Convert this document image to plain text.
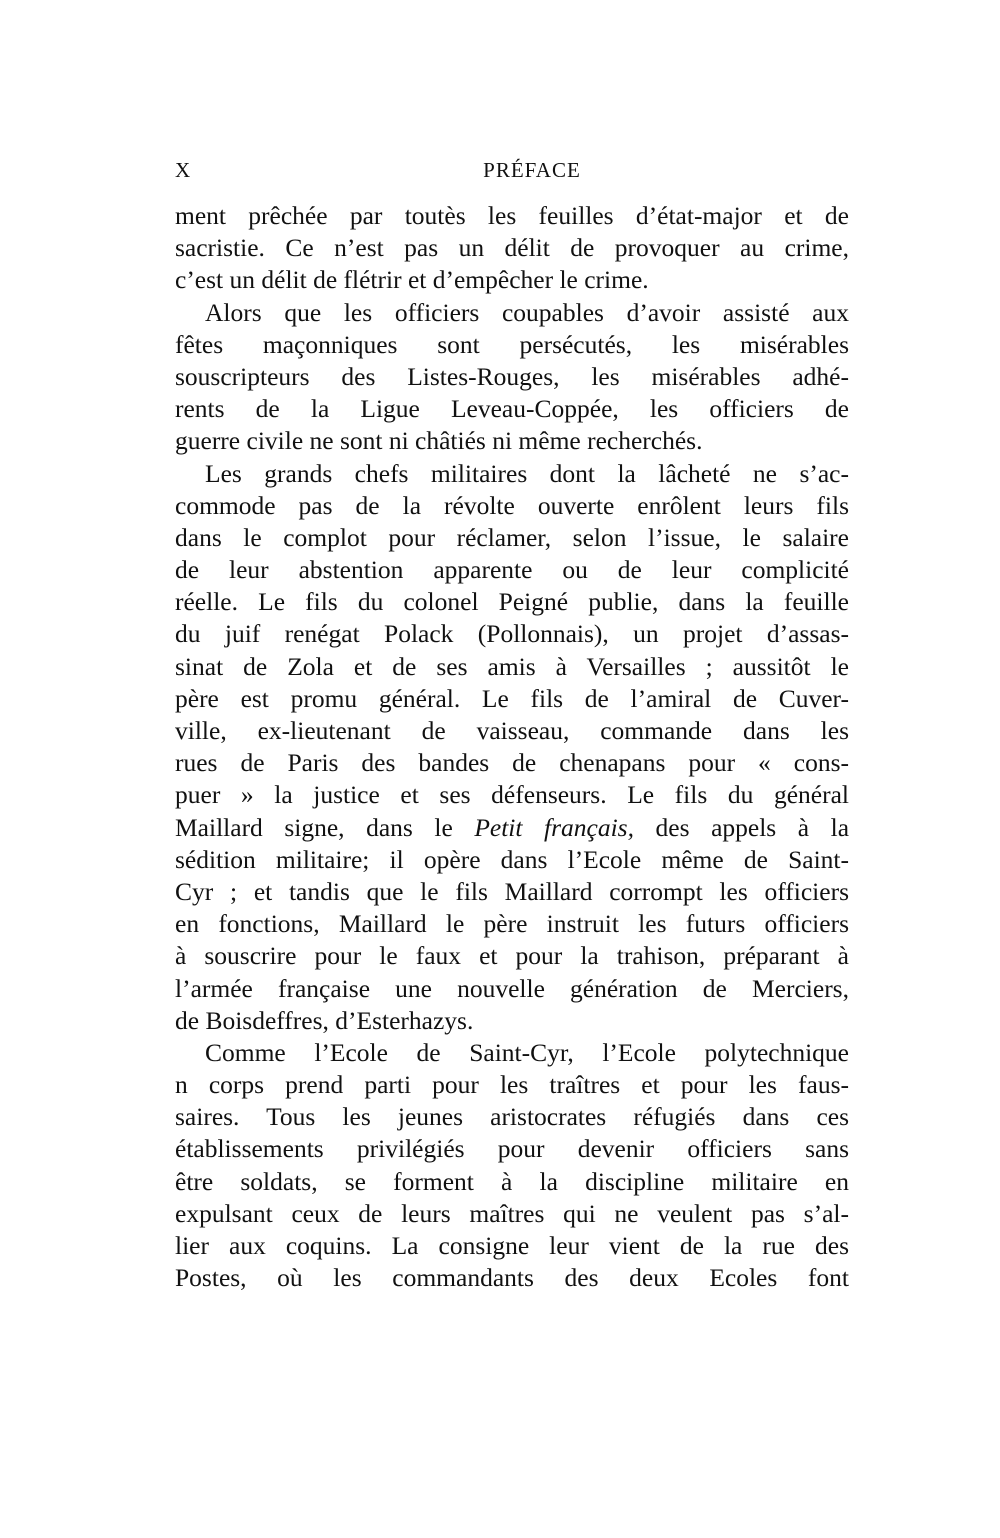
X	PRÉFACE
ment prêchée par toutès les feuilles d’état-major et de
sacristie. Ce n’est pas un délit de provoquer au crime,
c’est un délit de flétrir et d’empêcher le crime.
Alors que les officiers coupables d’avoir assisté aux
fêtes maçonniques sont persécutés, les misérables
souscripteurs des Listes-Rouges, les misérables adhé-
rents de la Ligue Leveau-Coppée, les officiers de
guerre civile ne sont ni châtiés ni même recherchés.
Les grands chefs militaires dont la lâcheté ne s’ac-
commode pas de la révolte ouverte enrôlent leurs fils
dans le complot pour réclamer, selon l’issue, le salaire
de leur abstention apparente ou de leur complicité
réelle. Le fils du colonel Peigné publie, dans la feuille
du juif renégat Polack (Pollonnais), un projet d’assas-
sinat de Zola et de ses amis à Versailles ; aussitôt le
père est promu général. Le fils de l’amiral de Cuver-
ville, ex-lieutenant de vaisseau, commande dans les
rues de Paris des bandes de chenapans pour « cons-
puer » la justice et ses défenseurs. Le fils du général
Maillard signe, dans le Petit français, des appels à la
sédition militaire; il opère dans l’Ecole même de Saint-
Cyr ; et tandis que le fils Maillard corrompt les officiers
en fonctions, Maillard le père instruit les futurs officiers
à souscrire pour le faux et pour la trahison, préparant à
l’armée française une nouvelle génération de Merciers,
de Boisdeffres, d’Esterhazys.
Comme l’Ecole de Saint-Cyr, l’Ecole polytechnique
n corps prend parti pour les traîtres et pour les faus-
saires. Tous les jeunes aristocrates réfugiés dans ces
établissements privilégiés pour devenir officiers sans
être soldats, se forment à la discipline militaire en
expulsant ceux de leurs maîtres qui ne veulent pas s’al-
lier aux coquins. La consigne leur vient de la rue des
Postes, où les commandants des deux Ecoles font
